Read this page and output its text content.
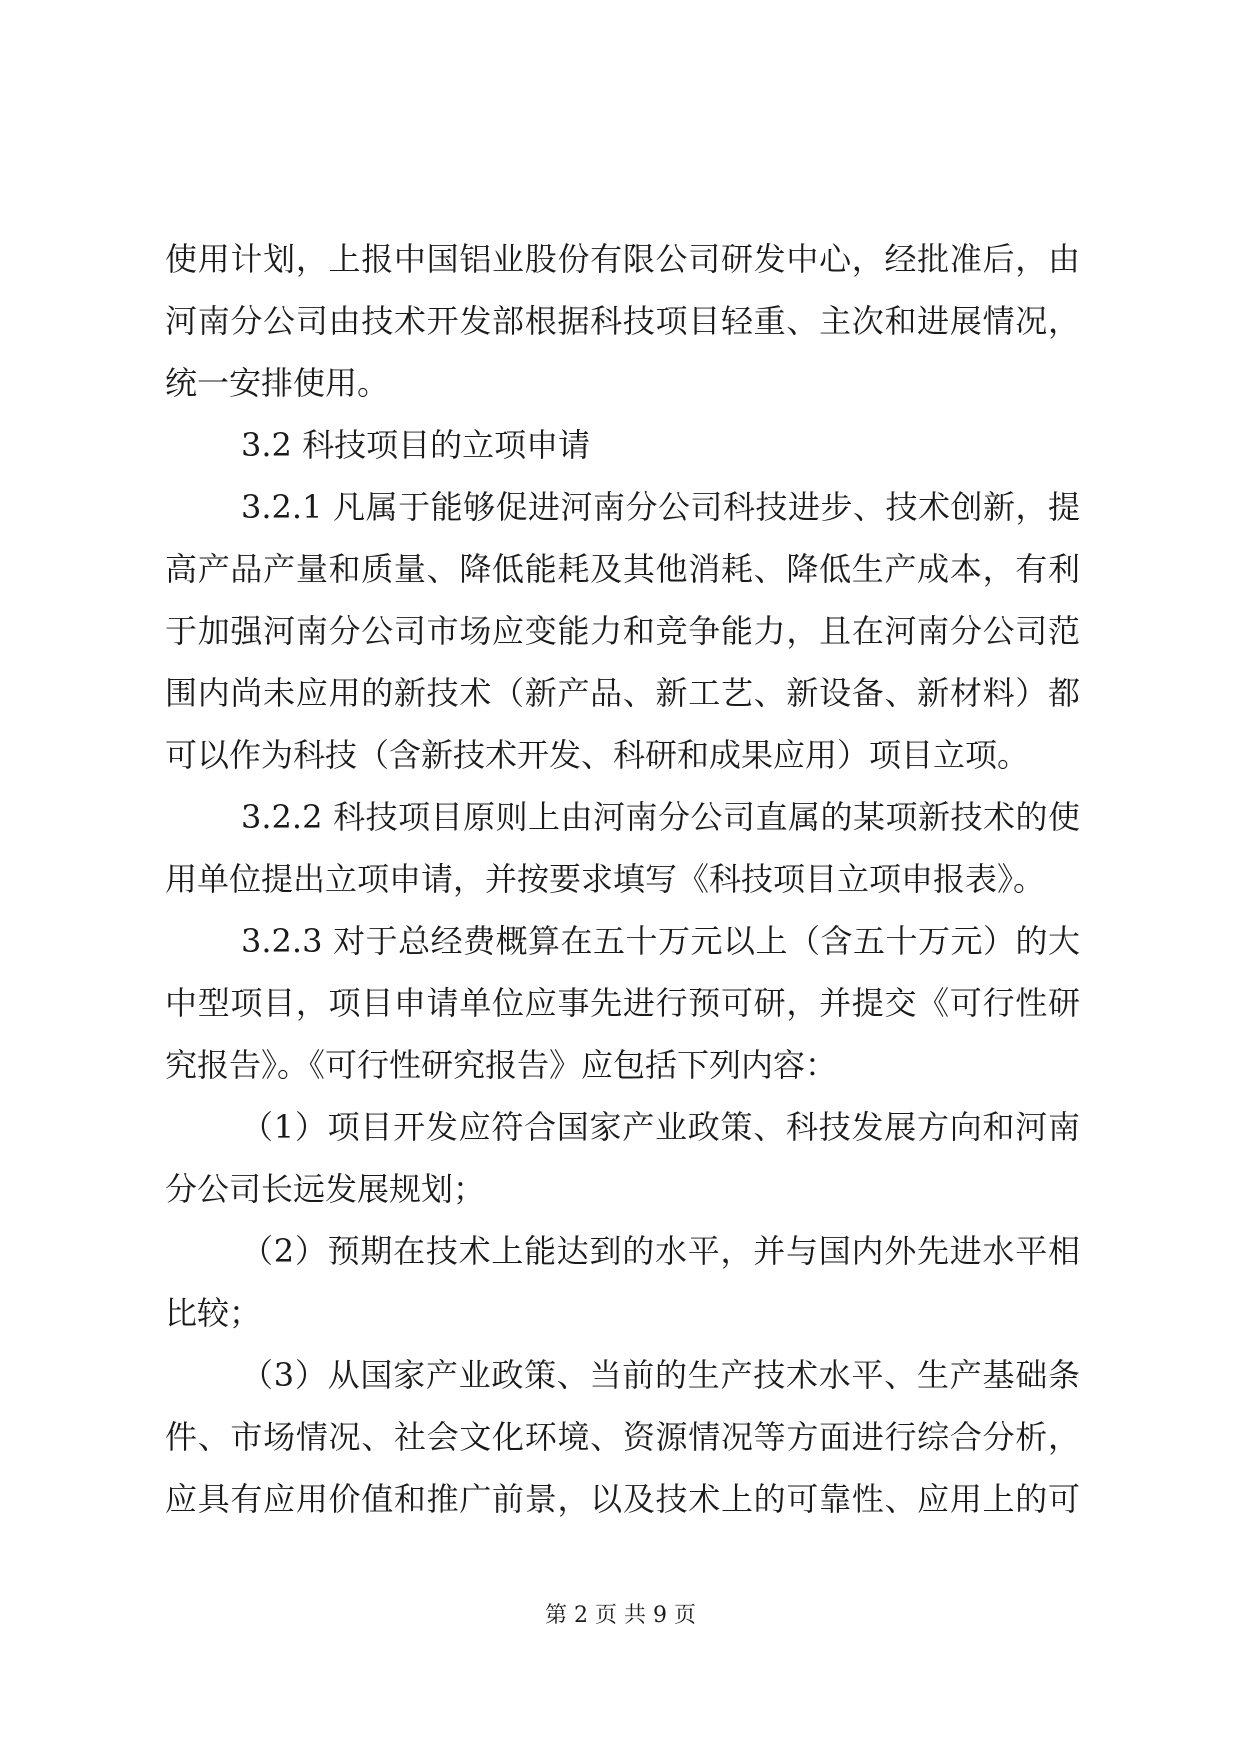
使用计划，上报中国铝业股份有限公司研发中心，经批准后，由
河南分公司由技术开发部根据科技项目轻重、主次和进展情况，
统一安排使用。
3.2 科技项目的立项申请
3.2.1 凡属于能够促进河南分公司科技进步、技术创新，提
高产品产量和质量、降低能耗及其他消耗、降低生产成本，有利
于加强河南分公司市场应变能力和竞争能力，且在河南分公司范
围内尚未应用的新技术（新产品、新工艺、新设备、新材料）都
可以作为科技（含新技术开发、科研和成果应用）项目立项。
3.2.2 科技项目原则上由河南分公司直属的某项新技术的使
用单位提出立项申请，并按要求填写《科技项目立项申报表》。
3.2.3 对于总经费概算在五十万元以上（含五十万元）的大
中型项目，项目申请单位应事先进行预可研，并提交《可行性研
究报告》。《可行性研究报告》应包括下列内容：
（1）项目开发应符合国家产业政策、科技发展方向和河南
分公司长远发展规划；
（2）预期在技术上能达到的水平，并与国内外先进水平相
比较；
（3）从国家产业政策、当前的生产技术水平、生产基础条
件、市场情况、社会文化环境、资源情况等方面进行综合分析，
应具有应用价值和推广前景，以及技术上的可靠性、应用上的可
第 2 页 共 9 页
